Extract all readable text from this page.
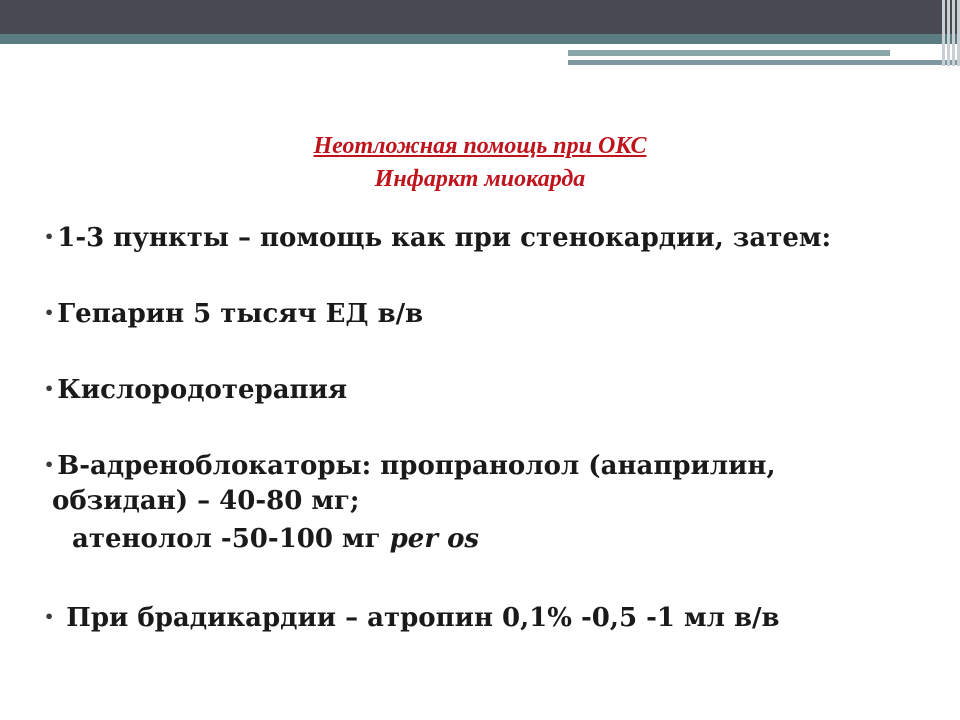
Неотложная помощь при ОКС
Инфаркт миокарда
• 1-3 пункты – помощь как при стенокардии, затем:
• Гепарин 5 тысяч ЕД в/в
• Кислородотерапия
• В-адреноблокаторы: пропранолол (анаприлин,
обзидан) – 40-80 мг;
атенолол -50-100 мг per os
• При брадикардии – атропин 0,1% -0,5 -1 мл в/в
